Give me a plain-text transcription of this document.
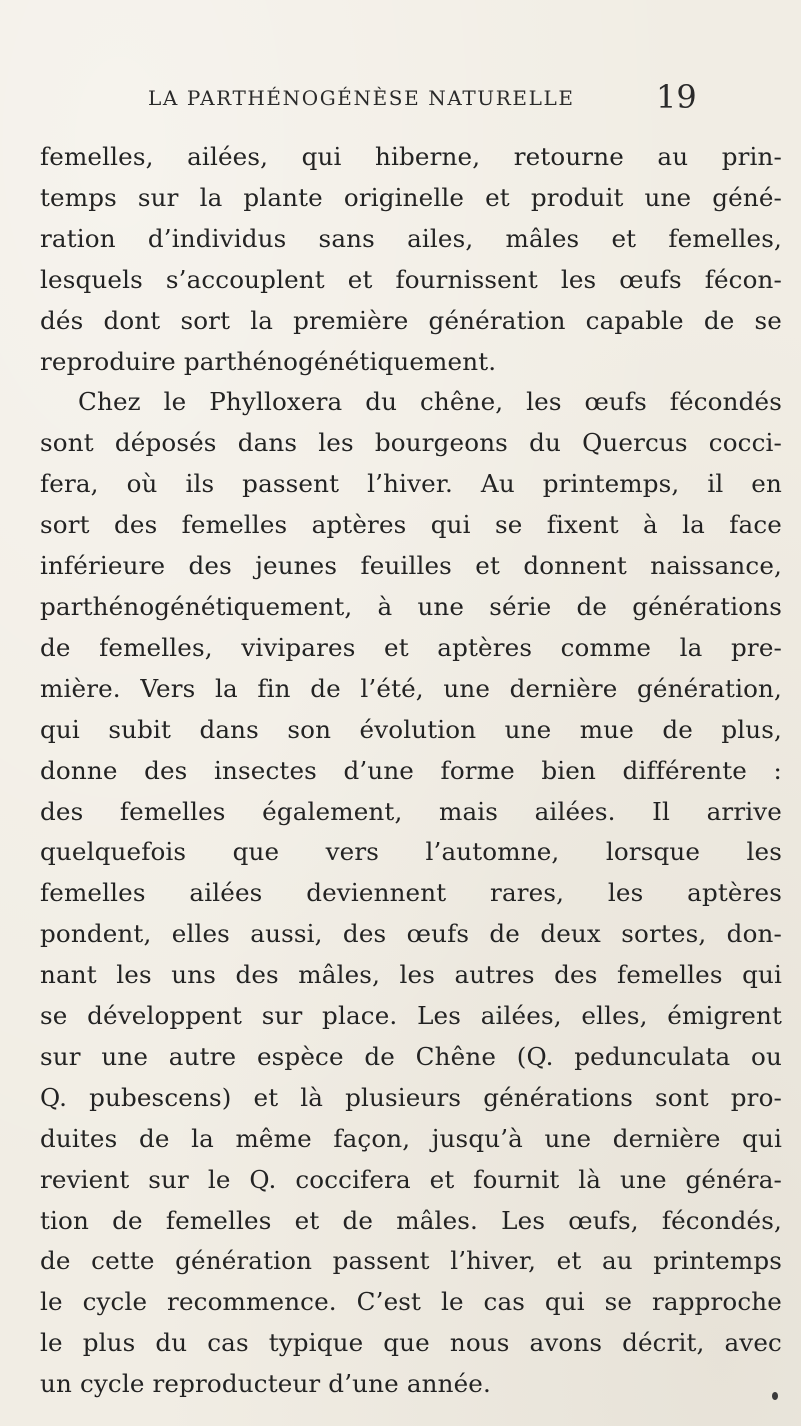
LA PARTHÉNOGÉNÈSE NATURELLE	19
femelles, ailées, qui hiberne, retourne au prin-
temps sur la plante originelle et produit une géné-
ration d’individus sans ailes, mâles et femelles,
lesquels s’accouplent et fournissent les œufs fécon-
dés dont sort la première génération capable de se
reproduire parthénogénétiquement.
Chez le Phylloxera du chêne, les œufs fécondés
sont déposés dans les bourgeons du Quercus cocci-
fera, où ils passent l’hiver. Au printemps, il en
sort des femelles aptères qui se fixent à la face
inférieure des jeunes feuilles et donnent naissance,
parthénogénétiquement, à une série de générations
de femelles, vivipares et aptères comme la pre-
mière. Vers la fin de l’été, une dernière génération,
qui subit dans son évolution une mue de plus,
donne des insectes d’une forme bien différente :
des femelles également, mais ailées. Il arrive
quelquefois que vers l’automne, lorsque les
femelles ailées deviennent rares, les aptères
pondent, elles aussi, des œufs de deux sortes, don-
nant les uns des mâles, les autres des femelles qui
se développent sur place. Les ailées, elles, émigrent
sur une autre espèce de Chêne (Q. pedunculata ou
Q. pubescens) et là plusieurs générations sont pro-
duites de la même façon, jusqu’à une dernière qui
revient sur le Q. coccifera et fournit là une généra-
tion de femelles et de mâles. Les œufs, fécondés,
de cette génération passent l’hiver, et au printemps
le cycle recommence. C’est le cas qui se rapproche
le plus du cas typique que nous avons décrit, avec
un cycle reproducteur d’une année.
